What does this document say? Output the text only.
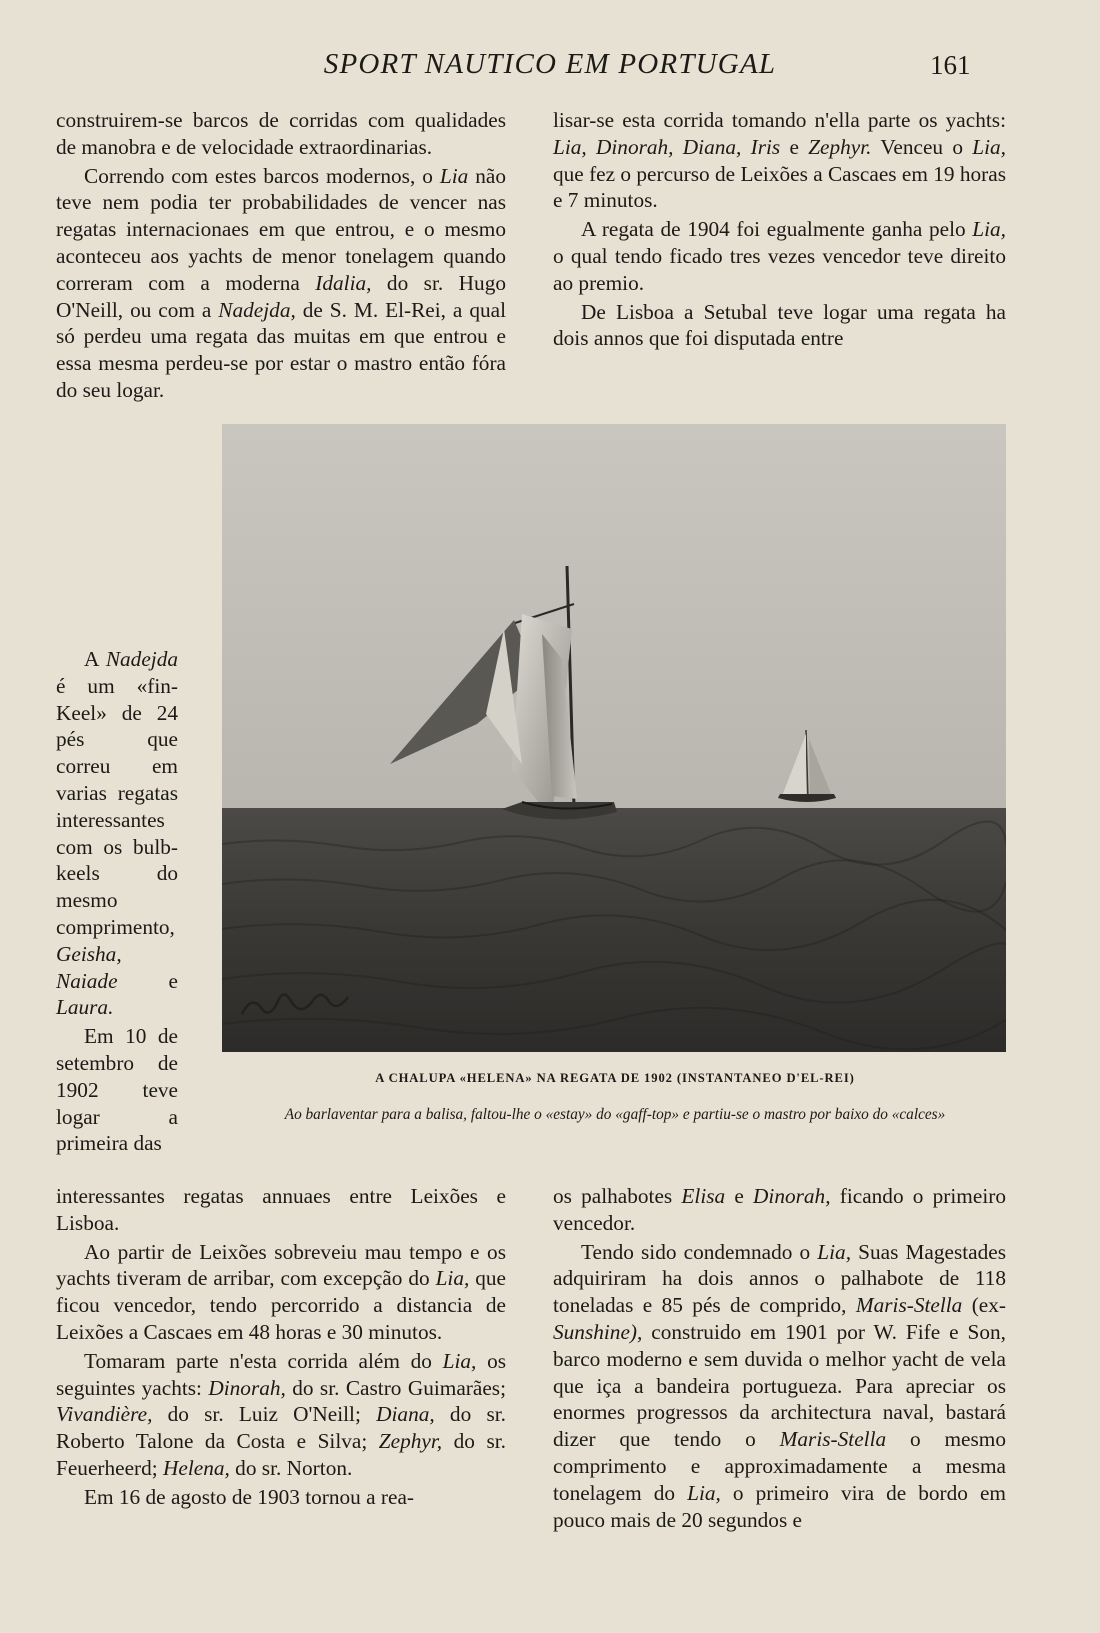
SPORT NAUTICO EM PORTUGAL	161

construirem-se barcos de corridas com qualidades de manobra e de velocidade extraordinarias.

Correndo com estes barcos modernos, o Lia não teve nem podia ter probabilidades de vencer nas regatas internacionaes em que entrou, e o mesmo aconteceu aos yachts de menor tonelagem quando correram com a moderna Idalia, do sr. Hugo O'Neill, ou com a Nadejda, de S. M. El-Rei, a qual só perdeu uma regata das muitas em que entrou e essa mesma perdeu-se por estar o mastro então fóra do seu logar.

A Nadejda é um «fin-Keel» de 24 pés que correu em varias regatas interessantes com os bulb-keels do mesmo comprimento, Geisha, Naiade e Laura.

Em 10 de setembro de 1902 teve logar a primeira das

interessantes regatas annuaes entre Leixões e Lisboa.

Ao partir de Leixões sobreveiu mau tempo e os yachts tiveram de arribar, com excepção do Lia, que ficou vencedor, tendo percorrido a distancia de Leixões a Cascaes em 48 horas e 30 minutos.

Tomaram parte n'esta corrida além do Lia, os seguintes yachts: Dinorah, do sr. Castro Guimarães; Vivandière, do sr. Luiz O'Neill; Diana, do sr. Roberto Talone da Costa e Silva; Zephyr, do sr. Feuerheerd; Helena, do sr. Norton.

Em 16 de agosto de 1903 tornou a rea-

lisar-se esta corrida tomando n'ella parte os yachts: Lia, Dinorah, Diana, Iris e Zephyr. Venceu o Lia, que fez o percurso de Leixões a Cascaes em 19 horas e 7 minutos.

A regata de 1904 foi egualmente ganha pelo Lia, o qual tendo ficado tres vezes vencedor teve direito ao premio.

De Lisboa a Setubal teve logar uma regata ha dois annos que foi disputada entre

A CHALUPA «HELENA» NA REGATA DE 1902 (INSTANTANEO D'EL-REI)
Ao barlaventar para a balisa, faltou-lhe o «estay» do «gaff-top» e partiu-se o mastro por baixo do «calces»

os palhabotes Elisa e Dinorah, ficando o primeiro vencedor.

Tendo sido condemnado o Lia, Suas Magestades adquiriram ha dois annos o palhabote de 118 toneladas e 85 pés de comprido, Maris-Stella (ex-Sunshine), construido em 1901 por W. Fife e Son, barco moderno e sem duvida o melhor yacht de vela que iça a bandeira portugueza. Para apreciar os enormes progressos da architectura naval, bastará dizer que tendo o Maris-Stella o mesmo comprimento e approximadamente a mesma tonelagem do Lia, o primeiro vira de bordo em pouco mais de 20 segundos e
